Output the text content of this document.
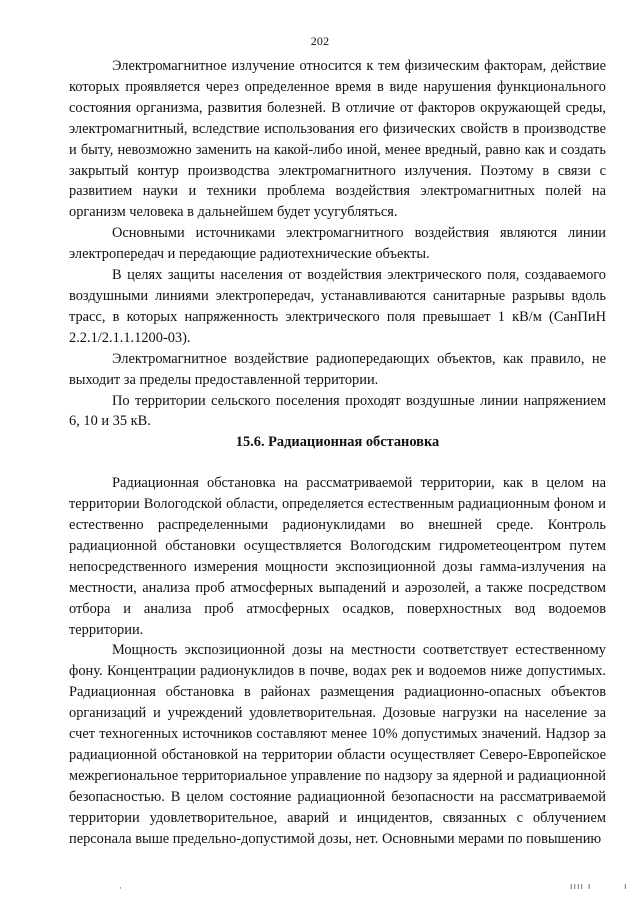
202

Электромагнитное излучение относится к тем физическим факторам, действие которых проявляется через определенное время в виде нарушения функционального состояния организма, развития болезней. В отличие от факторов окружающей среды, электромагнитный, вследствие использования его физических свойств в производстве и быту, невозможно заменить на какой-либо иной, менее вредный, равно как и создать закрытый контур производства электромагнитного излучения. Поэтому в связи с развитием науки и техники проблема воздействия электромагнитных полей на организм человека в дальнейшем будет усугубляться.

Основными источниками электромагнитного воздействия являются линии электропередач и передающие радиотехнические объекты.

В целях защиты населения от воздействия электрического поля, создаваемого воздушными линиями электропередач, устанавливаются санитарные разрывы вдоль трасс, в которых напряженность электрического поля превышает 1 кВ/м (СанПиН 2.2.1/2.1.1.1200-03).

Электромагнитное воздействие радиопередающих объектов, как правило, не выходит за пределы предоставленной территории.

По территории сельского поселения проходят воздушные линии напряжением 6, 10 и 35 кВ.

15.6. Радиационная обстановка

Радиационная обстановка на рассматриваемой территории, как в целом на территории Вологодской области, определяется естественным радиационным фоном и естественно распределенными радионуклидами во внешней среде. Контроль радиационной обстановки осуществляется Вологодским гидрометеоцентром путем непосредственного измерения мощности экспозиционной дозы гамма-излучения на местности, анализа проб атмосферных выпадений и аэрозолей, а также посредством отбора и анализа проб атмосферных осадков, поверхностных вод водоемов территории.

Мощность экспозиционной дозы на местности соответствует естественному фону. Концентрации радионуклидов в почве, водах рек и водоемов ниже допустимых. Радиационная обстановка в районах размещения радиационно-опасных объектов организаций и учреждений удовлетворительная. Дозовые нагрузки на население за счет техногенных источников составляют менее 10% допустимых значений. Надзор за радиационной обстановкой на территории области осуществляет Северо-Европейское межрегиональное территориальное управление по надзору за ядерной и радиационной безопасностью. В целом состояние радиационной безопасности на рассматриваемой территории удовлетворительное, аварий и инцидентов, связанных с облучением персонала выше предельно-допустимой дозы, нет. Основными мерами по повышению

·	ıııı ı	ı
